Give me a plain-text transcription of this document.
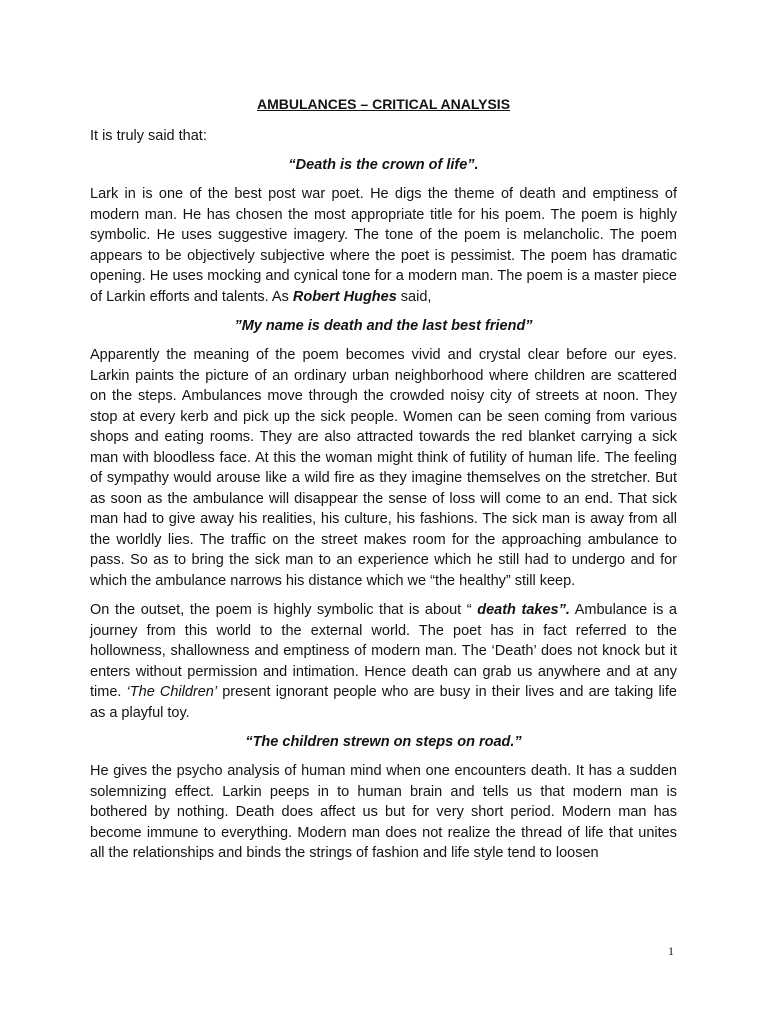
AMBULANCES – CRITICAL ANALYSIS

It is truly said that:

“Death is the crown of life”.

Lark in is one of the best post war poet. He digs the theme of death and emptiness of modern man. He has chosen the most appropriate title for his poem. The poem is highly symbolic. He uses suggestive imagery. The tone of the poem is melancholic. The poem appears to be objectively subjective where the poet is pessimist. The poem has dramatic opening. He uses mocking and cynical tone for a modern man. The poem is a master piece of Larkin efforts and talents. As Robert Hughes said,

”My name is death and the last best friend”

Apparently the meaning of the poem becomes vivid and crystal clear before our eyes. Larkin paints the picture of an ordinary urban neighborhood where children are scattered on the steps. Ambulances move through the crowded noisy city of streets at noon. They stop at every kerb and pick up the sick people. Women can be seen coming from various shops and eating rooms. They are also attracted towards the red blanket carrying a sick man with bloodless face. At this the woman might think of futility of human life. The feeling of sympathy would arouse like a wild fire as they imagine themselves on the stretcher. But as soon as the ambulance will disappear the sense of loss will come to an end. That sick man had to give away his realities, his culture, his fashions. The sick man is away from all the worldly lies. The traffic on the street makes room for the approaching ambulance to pass. So as to bring the sick man to an experience which he still had to undergo and for which the ambulance narrows his distance which we “the healthy” still keep.

On the outset, the poem is highly symbolic that is about “ death takes”. Ambulance is a journey from this world to the external world. The poet has in fact referred to the hollowness, shallowness and emptiness of modern man. The ‘Death’ does not knock but it enters without permission and intimation. Hence death can grab us anywhere and at any time. ‘The Children’ present ignorant people who are busy in their lives and are taking life as a playful toy.

“The children strewn on steps on road.”

He gives the psycho analysis of human mind when one encounters death. It has a sudden solemnizing effect. Larkin peeps in to human brain and tells us that modern man is bothered by nothing. Death does affect us but for very short period. Modern man has become immune to everything. Modern man does not realize the thread of life that unites all the relationships and binds the strings of fashion and life style tend to loosen

1
